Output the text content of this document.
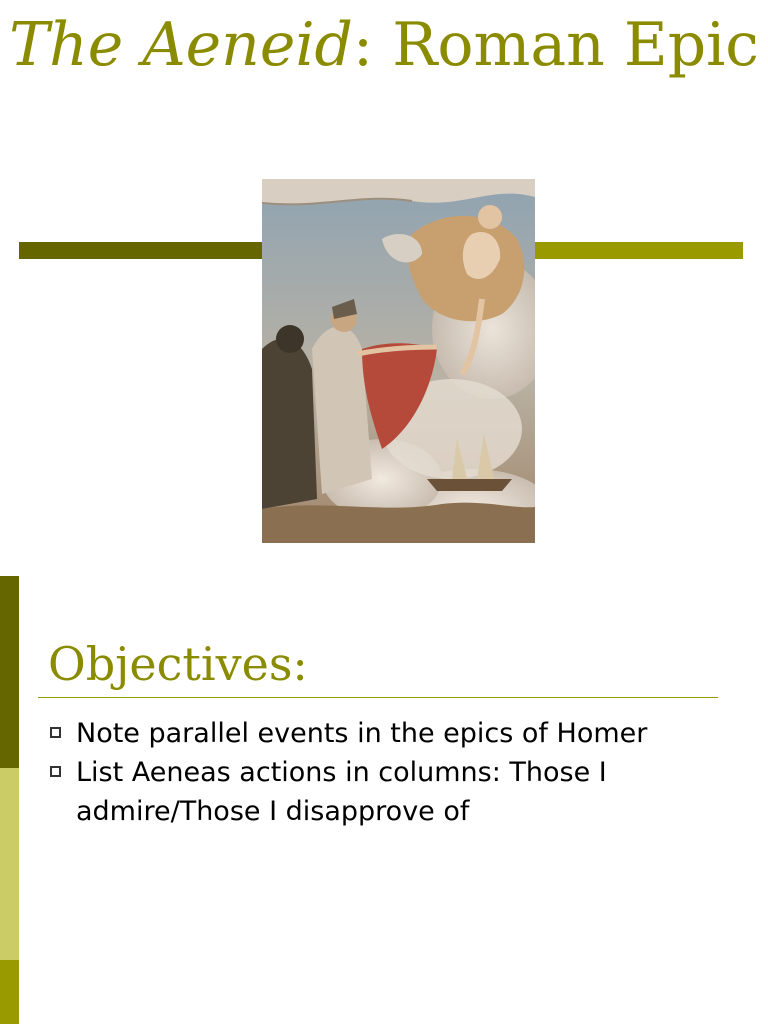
The Aeneid: Roman Epic
Objectives:
Note parallel events in the epics of Homer
List Aeneas actions in columns: Those I admire/Those I disapprove of
